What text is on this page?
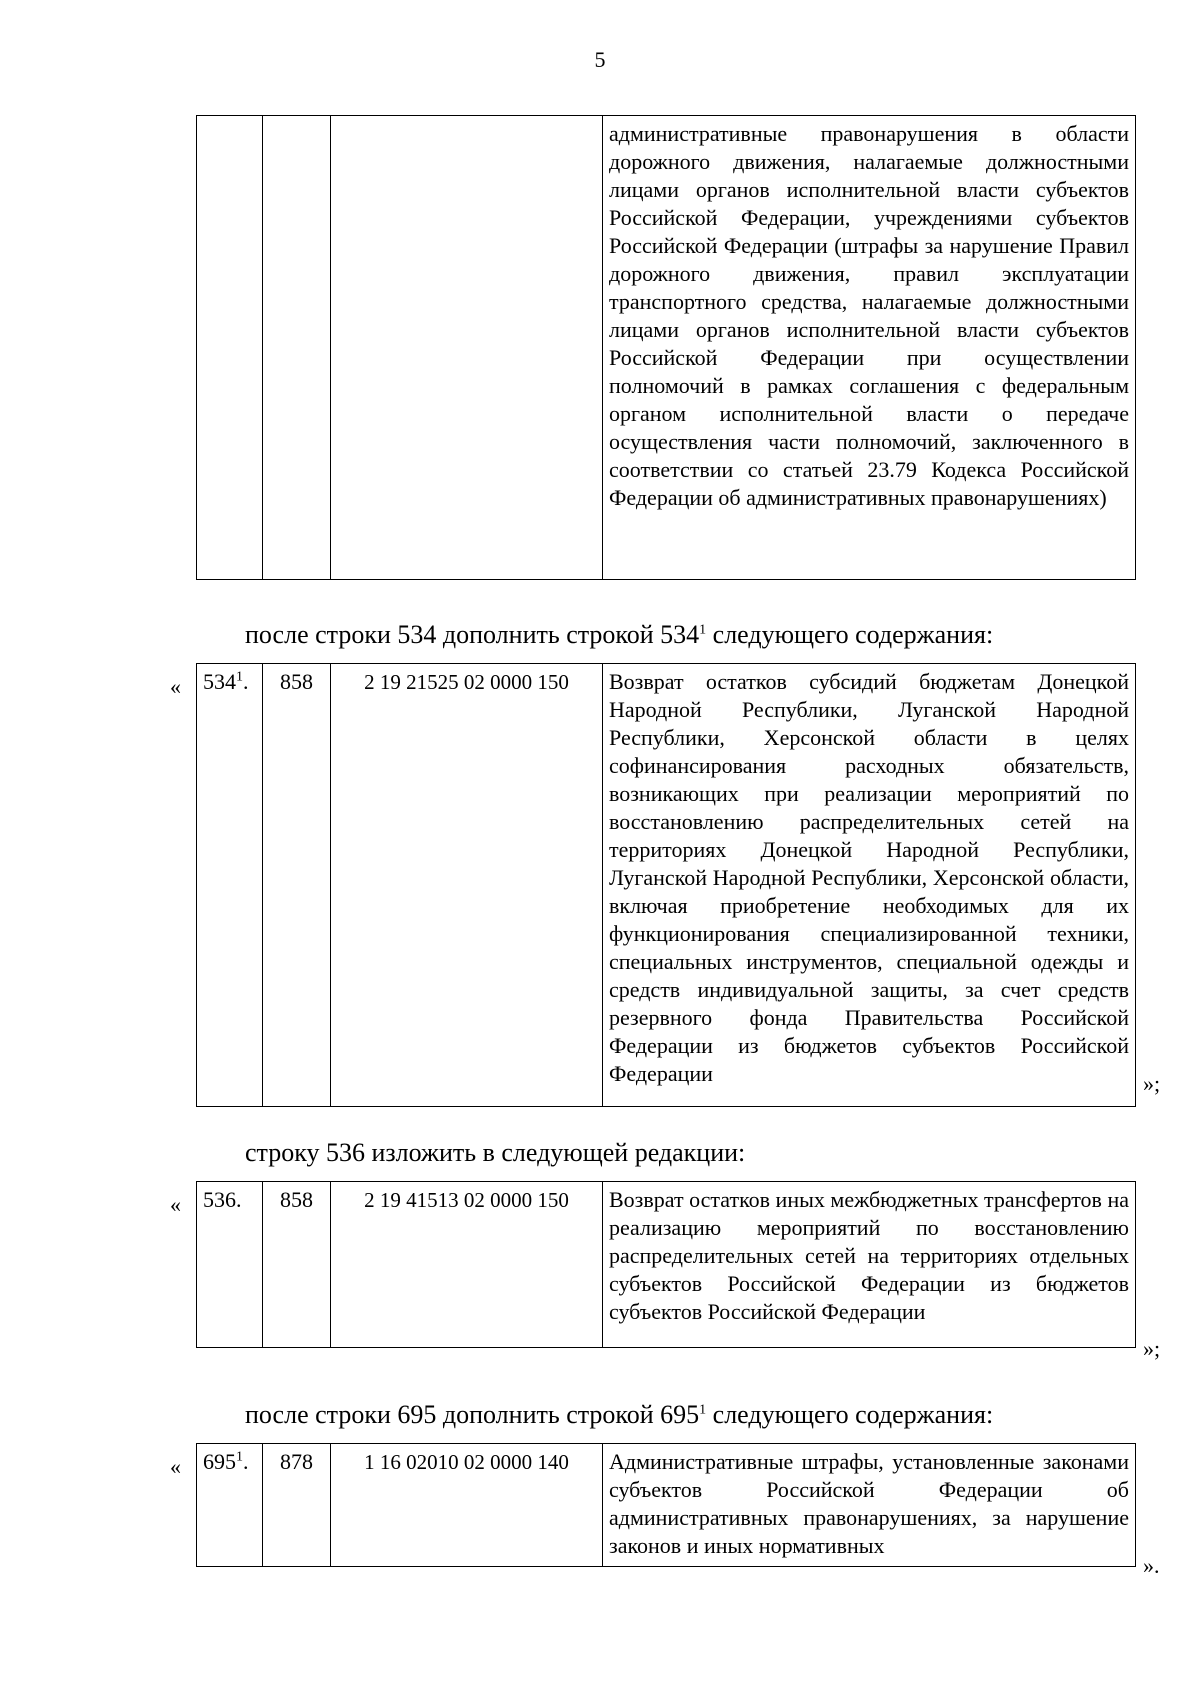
5
			административные правонарушения в области дорожного движения, налагаемые должностными лицами органов исполнительной власти субъектов Российской Федерации, учреждениями субъектов Российской Федерации (штрафы за нарушение Правил дорожного движения, правил эксплуатации транспортного средства, налагаемые должностными лицами органов исполнительной власти субъектов Российской Федерации при осуществлении полномочий в рамках соглашения с федеральным органом исполнительной власти о передаче осуществления части полномочий, заключенного в соответствии со статьей 23.79 Кодекса Российской Федерации об административных правонарушениях)
после строки 534 дополнить строкой $534^1$ следующего содержания:
« $534^1$.	858	2 19 21525 02 0000 150	Возврат остатков субсидий бюджетам Донецкой Народной Республики, Луганской Народной Республики, Херсонской области в целях софинансирования расходных обязательств, возникающих при реализации мероприятий по восстановлению распределительных сетей на территориях Донецкой Народной Республики, Луганской Народной Республики, Херсонской области, включая приобретение необходимых для их функционирования специализированной техники, специальных инструментов, специальной одежды и средств индивидуальной защиты, за счет средств резервного фонда Правительства Российской Федерации из бюджетов субъектов Российской Федерации	»;
строку 536 изложить в следующей редакции:
« 536.	858	2 19 41513 02 0000 150	Возврат остатков иных межбюджетных трансфертов на реализацию мероприятий по восстановлению распределительных сетей на территориях отдельных субъектов Российской Федерации из бюджетов субъектов Российской Федерации
»;
после строки 695 дополнить строкой $695^1$ следующего содержания:
« $695^1$.	878	1 16 02010 02 0000 140	Административные штрафы, установленные законами субъектов Российской Федерации об административных правонарушениях, за нарушение законов и иных нормативных
».
